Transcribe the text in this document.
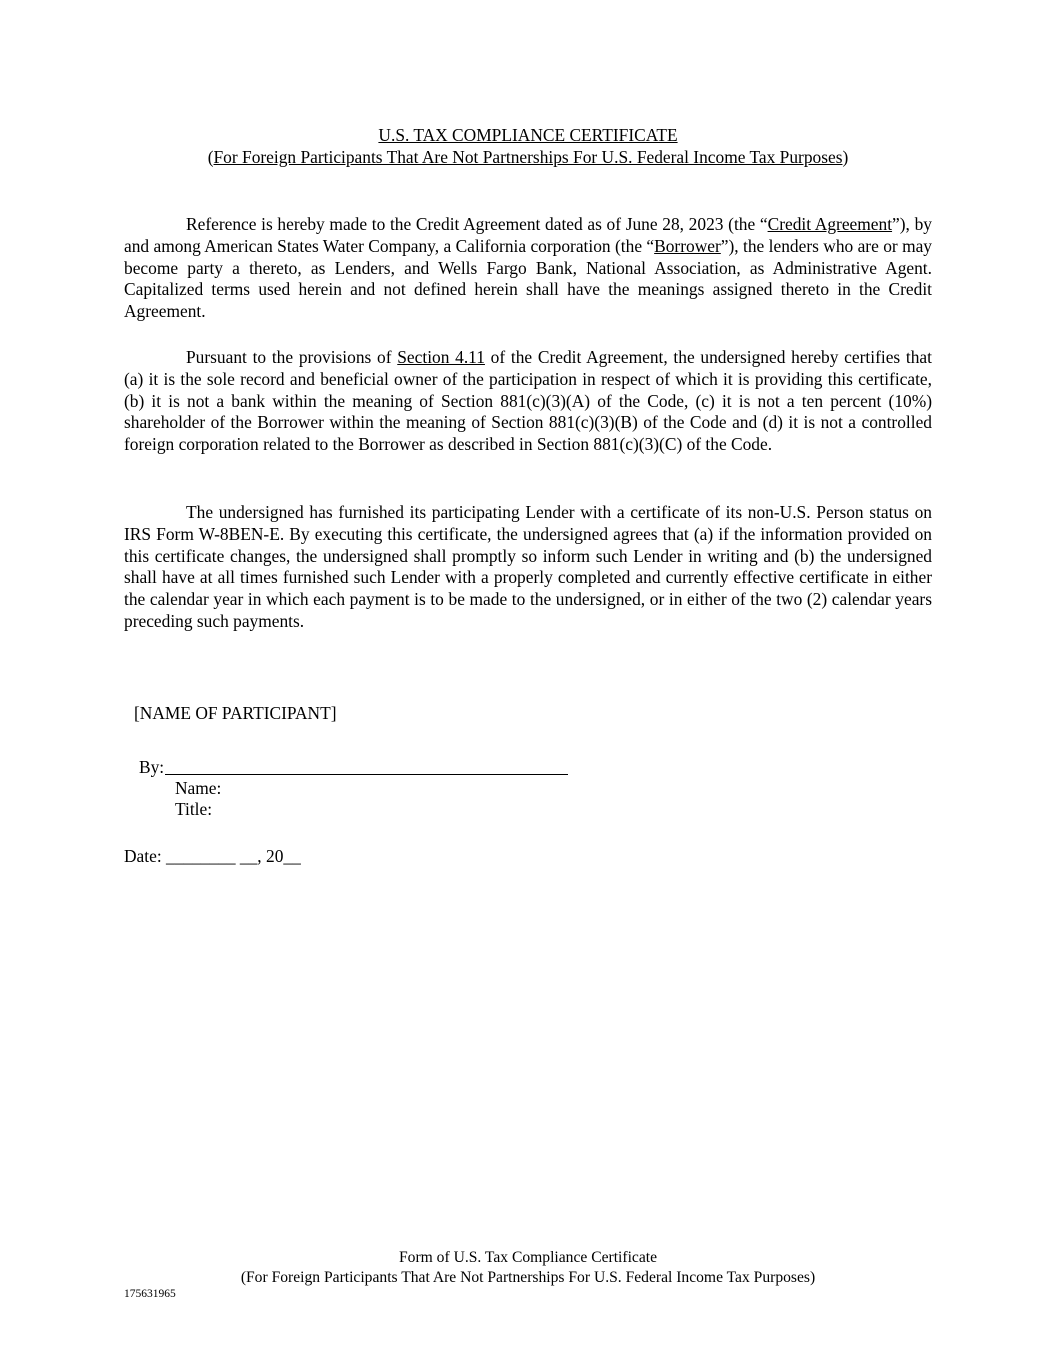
U.S. TAX COMPLIANCE CERTIFICATE
(For Foreign Participants That Are Not Partnerships For U.S. Federal Income Tax Purposes)

Reference is hereby made to the Credit Agreement dated as of June 28, 2023 (the “Credit Agreement”), by and among American States Water Company, a California corporation (the “Borrower”), the lenders who are or may become party a thereto, as Lenders, and Wells Fargo Bank, National Association, as Administrative Agent. Capitalized terms used herein and not defined herein shall have the meanings assigned thereto in the Credit Agreement.

Pursuant to the provisions of Section 4.11 of the Credit Agreement, the undersigned hereby certifies that (a) it is the sole record and beneficial owner of the participation in respect of which it is providing this certificate, (b) it is not a bank within the meaning of Section 881(c)(3)(A) of the Code, (c) it is not a ten percent (10%) shareholder of the Borrower within the meaning of Section 881(c)(3)(B) of the Code and (d) it is not a controlled foreign corporation related to the Borrower as described in Section 881(c)(3)(C) of the Code.

The undersigned has furnished its participating Lender with a certificate of its non-U.S. Person status on IRS Form W-8BEN-E. By executing this certificate, the undersigned agrees that (a) if the information provided on this certificate changes, the undersigned shall promptly so inform such Lender in writing and (b) the undersigned shall have at all times furnished such Lender with a properly completed and currently effective certificate in either the calendar year in which each payment is to be made to the undersigned, or in either of the two (2) calendar years preceding such payments.

[NAME OF PARTICIPANT]

By:

Name:

Title:

Date: ________ __, 20__

Form of U.S. Tax Compliance Certificate
(For Foreign Participants That Are Not Partnerships For U.S. Federal Income Tax Purposes)
175631965
